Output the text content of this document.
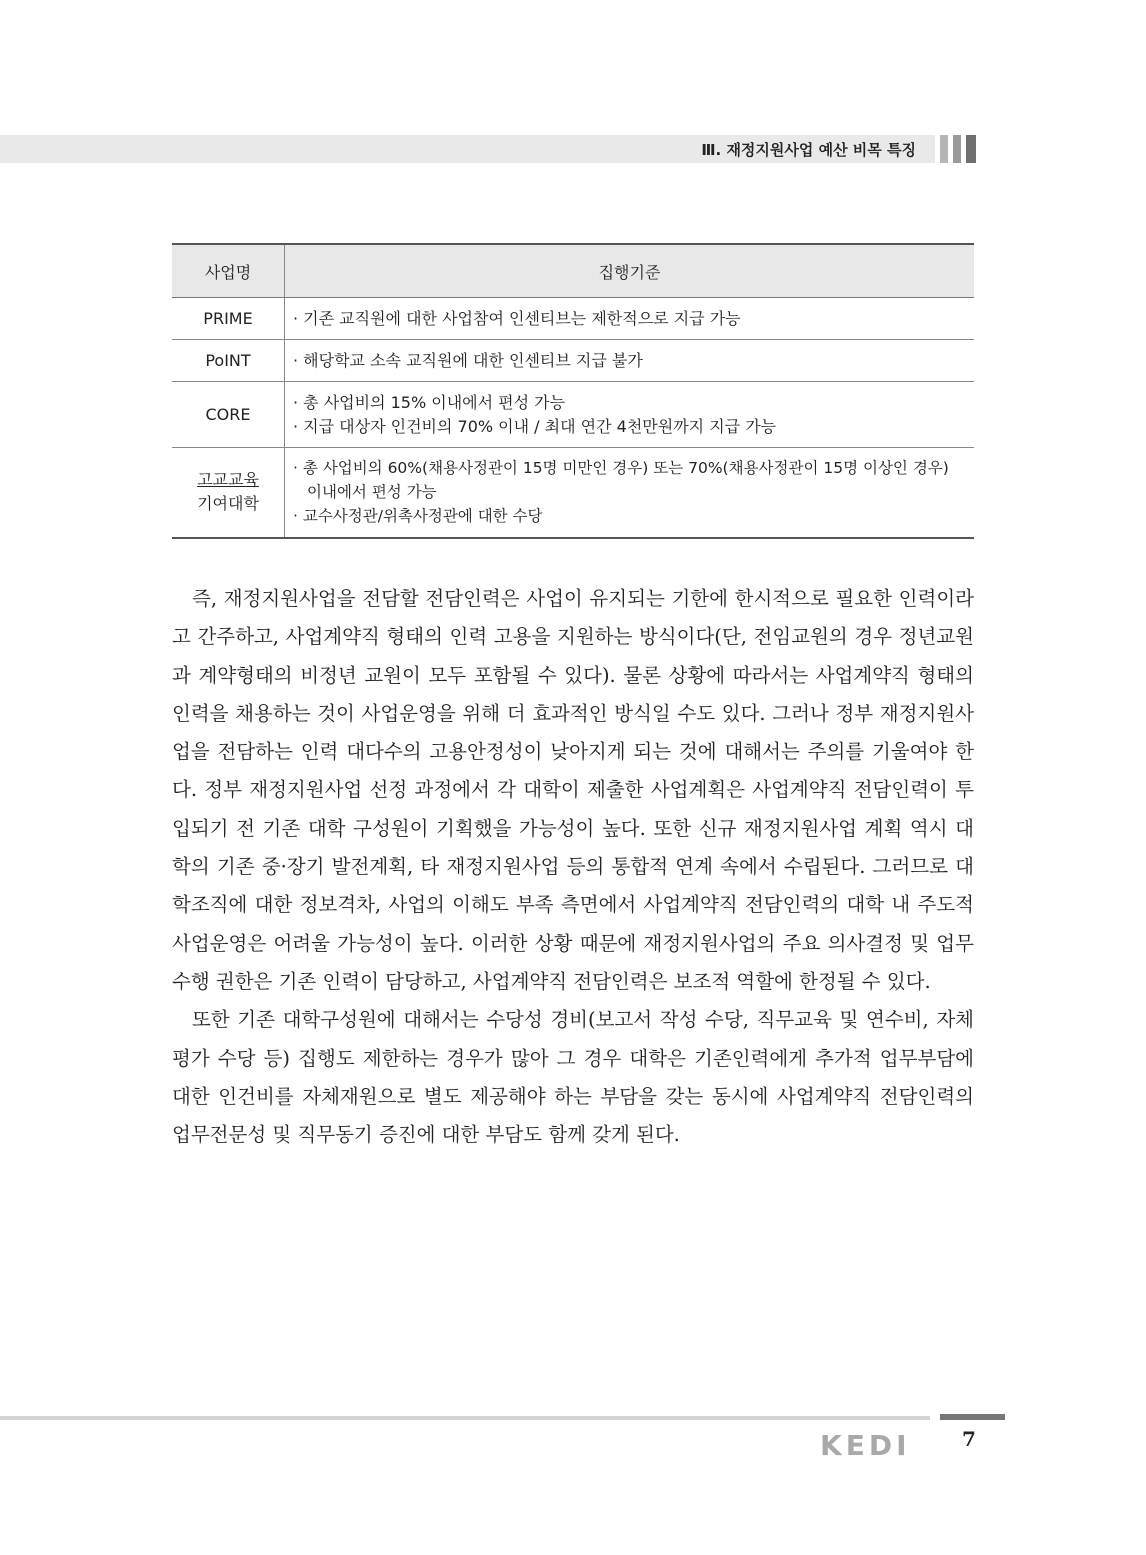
Ⅲ. 재정지원사업 예산 비목 특징
사업명	집행기준

PRIME	· 기존 교직원에 대한 사업참여 인센티브는 제한적으로 지급 가능

PoINT	· 해당학교 소속 교직원에 대한 인센티브 지급 불가

CORE	· 총 사업비의 15% 이내에서 편성 가능
· 지급 대상자 인건비의 70% 이내 / 최대 연간 4천만원까지 지급 가능

고교교육
기여대학	· 총 사업비의 60%(채용사정관이 15명 미만인 경우) 또는 70%(채용사정관이 15명 이상인 경우)
이내에서 편성 가능
· 교수사정관/위촉사정관에 대한 수당

즉, 재정지원사업을 전담할 전담인력은 사업이 유지되는 기한에 한시적으로 필요한 인력이라고 간주하고, 사업계약직 형태의 인력 고용을 지원하는 방식이다(단, 전임교원의 경우 정년교원과 계약형태의 비정년 교원이 모두 포함될 수 있다). 물론 상황에 따라서는 사업계약직 형태의 인력을 채용하는 것이 사업운영을 위해 더 효과적인 방식일 수도 있다. 그러나 정부 재정지원사업을 전담하는 인력 대다수의 고용안정성이 낮아지게 되는 것에 대해서는 주의를 기울여야 한다. 정부 재정지원사업 선정 과정에서 각 대학이 제출한 사업계획은 사업계약직 전담인력이 투입되기 전 기존 대학 구성원이 기획했을 가능성이 높다. 또한 신규 재정지원사업 계획 역시 대학의 기존 중·장기 발전계획, 타 재정지원사업 등의 통합적 연계 속에서 수립된다. 그러므로 대학조직에 대한 정보격차, 사업의 이해도 부족 측면에서 사업계약직 전담인력의 대학 내 주도적 사업운영은 어려울 가능성이 높다. 이러한 상황 때문에 재정지원사업의 주요 의사결정 및 업무수행 권한은 기존 인력이 담당하고, 사업계약직 전담인력은 보조적 역할에 한정될 수 있다.

또한 기존 대학구성원에 대해서는 수당성 경비(보고서 작성 수당, 직무교육 및 연수비, 자체평가 수당 등) 집행도 제한하는 경우가 많아 그 경우 대학은 기존인력에게 추가적 업무부담에 대한 인건비를 자체재원으로 별도 제공해야 하는 부담을 갖는 동시에 사업계약직 전담인력의 업무전문성 및 직무동기 증진에 대한 부담도 함께 갖게 된다.

KEDI	7
